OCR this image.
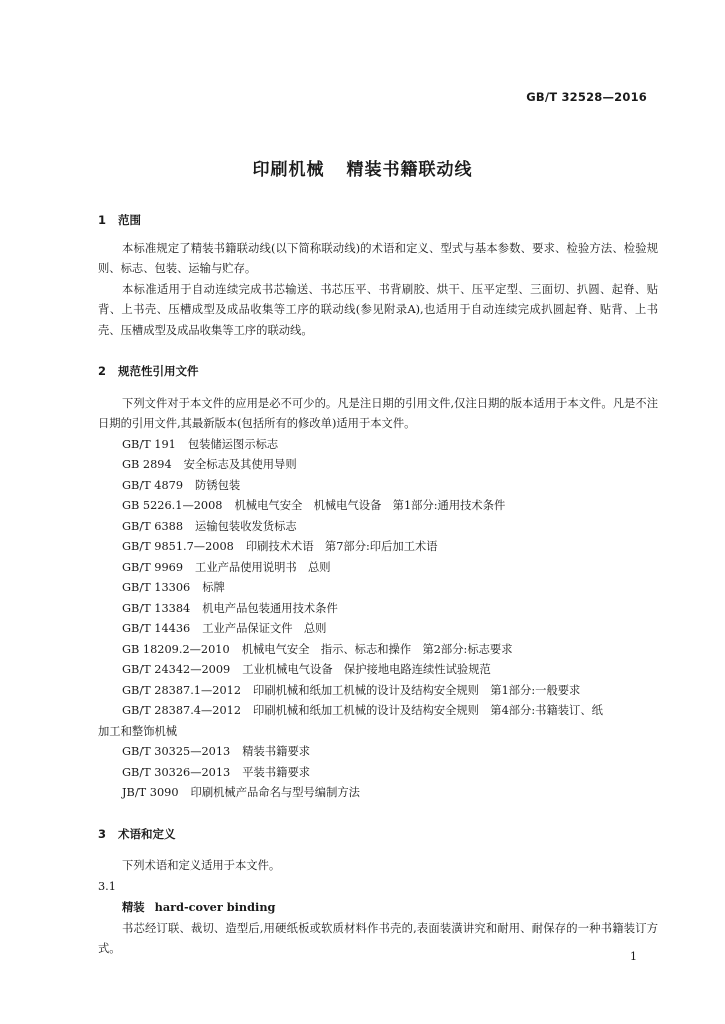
GB/T 32528—2016
印刷机械 精装书籍联动线
1 范围

本标准规定了精装书籍联动线(以下简称联动线)的术语和定义、型式与基本参数、要求、检验方法、检验规则、标志、包装、运输与贮存。

本标准适用于自动连续完成书芯输送、书芯压平、书背刷胶、烘干、压平定型、三面切、扒圆、起脊、贴背、上书壳、压槽成型及成品收集等工序的联动线(参见附录A),也适用于自动连续完成扒圆起脊、贴背、上书壳、压槽成型及成品收集等工序的联动线。

2 规范性引用文件

下列文件对于本文件的应用是必不可少的。凡是注日期的引用文件,仅注日期的版本适用于本文件。凡是不注日期的引用文件,其最新版本(包括所有的修改单)适用于本文件。

GB/T 191 包装储运图示标志

GB 2894 安全标志及其使用导则

GB/T 4879 防锈包装

GB 5226.1—2008 机械电气安全　机械电气设备　第1部分:通用技术条件

GB/T 6388 运输包装收发货标志

GB/T 9851.7—2008 印刷技术术语　第7部分:印后加工术语

GB/T 9969 工业产品使用说明书　总则

GB/T 13306 标牌

GB/T 13384 机电产品包装通用技术条件

GB/T 14436 工业产品保证文件　总则

GB 18209.2—2010 机械电气安全　指示、标志和操作　第2部分:标志要求

GB/T 24342—2009 工业机械电气设备　保护接地电路连续性试验规范

GB/T 28387.1—2012 印刷机械和纸加工机械的设计及结构安全规则　第1部分:一般要求

GB/T 28387.4—2012 印刷机械和纸加工机械的设计及结构安全规则　第4部分:书籍装订、纸

加工和整饰机械

GB/T 30325—2013 精装书籍要求

GB/T 30326—2013 平装书籍要求

JB/T 3090 印刷机械产品命名与型号编制方法

3 术语和定义

下列术语和定义适用于本文件。

3.1

精装 hard-cover binding

书芯经订联、裁切、造型后,用硬纸板或软质材料作书壳的,表面装潢讲究和耐用、耐保存的一种书籍装订方式。

1
